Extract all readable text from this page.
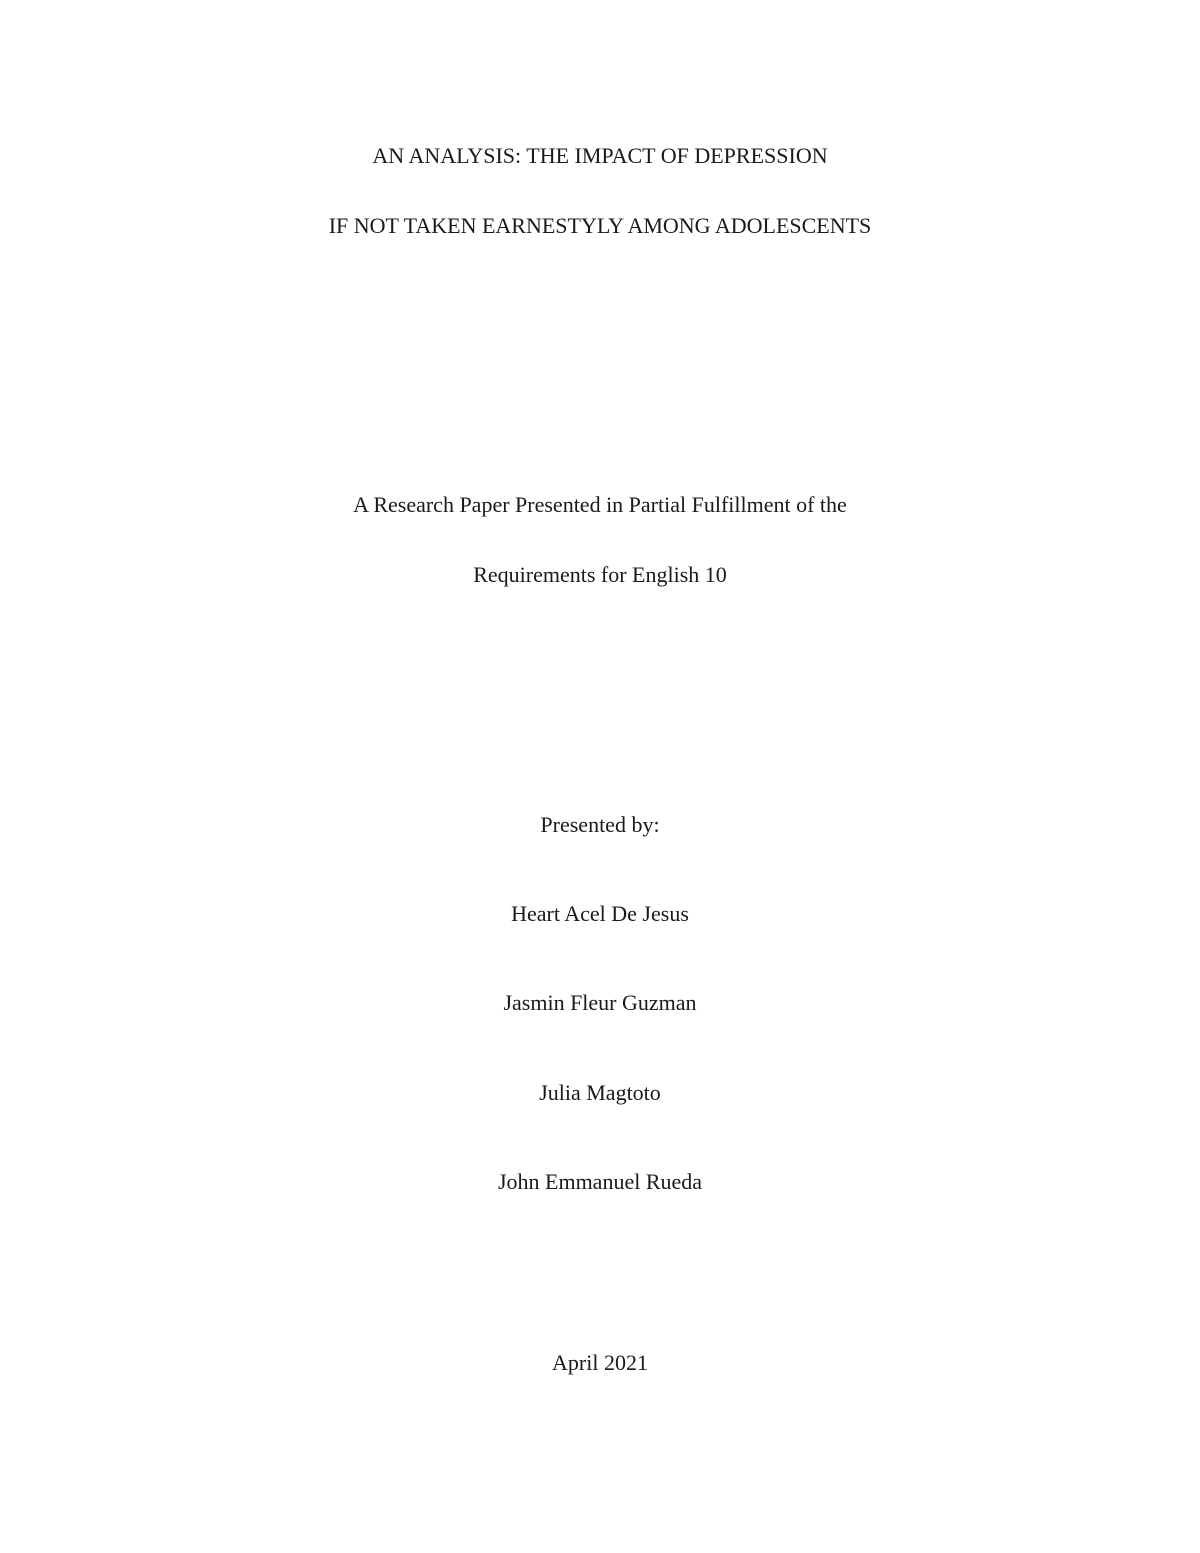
AN ANALYSIS: THE IMPACT OF DEPRESSION
IF NOT TAKEN EARNESTYLY AMONG ADOLESCENTS
A Research Paper Presented in Partial Fulfillment of the
Requirements for English 10
Presented by:
Heart Acel De Jesus
Jasmin Fleur Guzman
Julia Magtoto
John Emmanuel Rueda
April 2021
